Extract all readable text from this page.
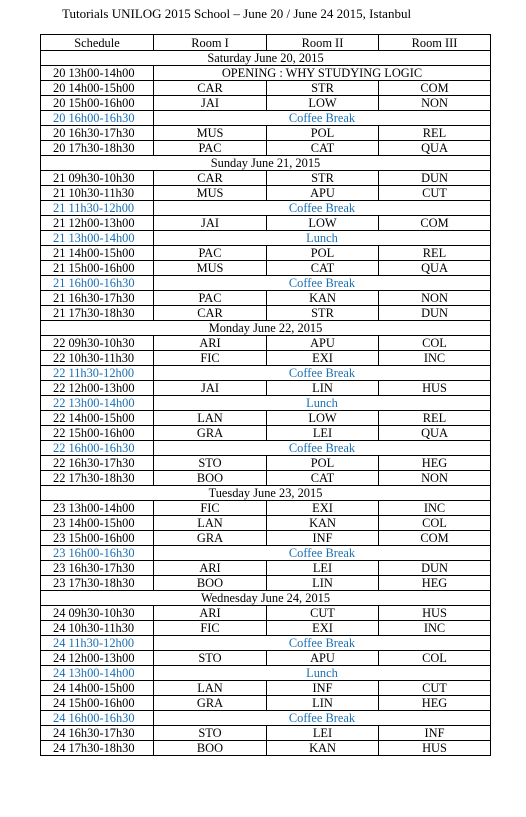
Tutorials UNILOG 2015 School – June 20 / June 24 2015, Istanbul
Schedule	Room I	Room II	Room III
Saturday June 20, 2015			
20 13h00-14h00	OPENING : WHY STUDYING LOGIC		
20 14h00-15h00	CAR	STR	COM
20 15h00-16h00	JAI	LOW	NON
20 16h00-16h30	Coffee Break		
20 16h30-17h30	MUS	POL	REL
20 17h30-18h30	PAC	CAT	QUA
Sunday June 21, 2015			
21 09h30-10h30	CAR	STR	DUN
21 10h30-11h30	MUS	APU	CUT
21 11h30-12h00	Coffee Break		
21 12h00-13h00	JAI	LOW	COM
21 13h00-14h00	Lunch		
21 14h00-15h00	PAC	POL	REL
21 15h00-16h00	MUS	CAT	QUA
21 16h00-16h30	Coffee Break		
21 16h30-17h30	PAC	KAN	NON
21 17h30-18h30	CAR	STR	DUN
Monday June 22, 2015			
22 09h30-10h30	ARI	APU	COL
22 10h30-11h30	FIC	EXI	INC
22 11h30-12h00	Coffee Break		
22 12h00-13h00	JAI	LIN	HUS
22 13h00-14h00	Lunch		
22 14h00-15h00	LAN	LOW	REL
22 15h00-16h00	GRA	LEI	QUA
22 16h00-16h30	Coffee Break		
22 16h30-17h30	STO	POL	HEG
22 17h30-18h30	BOO	CAT	NON
Tuesday June 23, 2015			
23 13h00-14h00	FIC	EXI	INC
23 14h00-15h00	LAN	KAN	COL
23 15h00-16h00	GRA	INF	COM
23 16h00-16h30	Coffee Break		
23 16h30-17h30	ARI	LEI	DUN
23 17h30-18h30	BOO	LIN	HEG
Wednesday June 24, 2015			
24 09h30-10h30	ARI	CUT	HUS
24 10h30-11h30	FIC	EXI	INC
24 11h30-12h00	Coffee Break		
24 12h00-13h00	STO	APU	COL
24 13h00-14h00	Lunch		
24 14h00-15h00	LAN	INF	CUT
24 15h00-16h00	GRA	LIN	HEG
24 16h00-16h30	Coffee Break		
24 16h30-17h30	STO	LEI	INF
24 17h30-18h30	BOO	KAN	HUS
